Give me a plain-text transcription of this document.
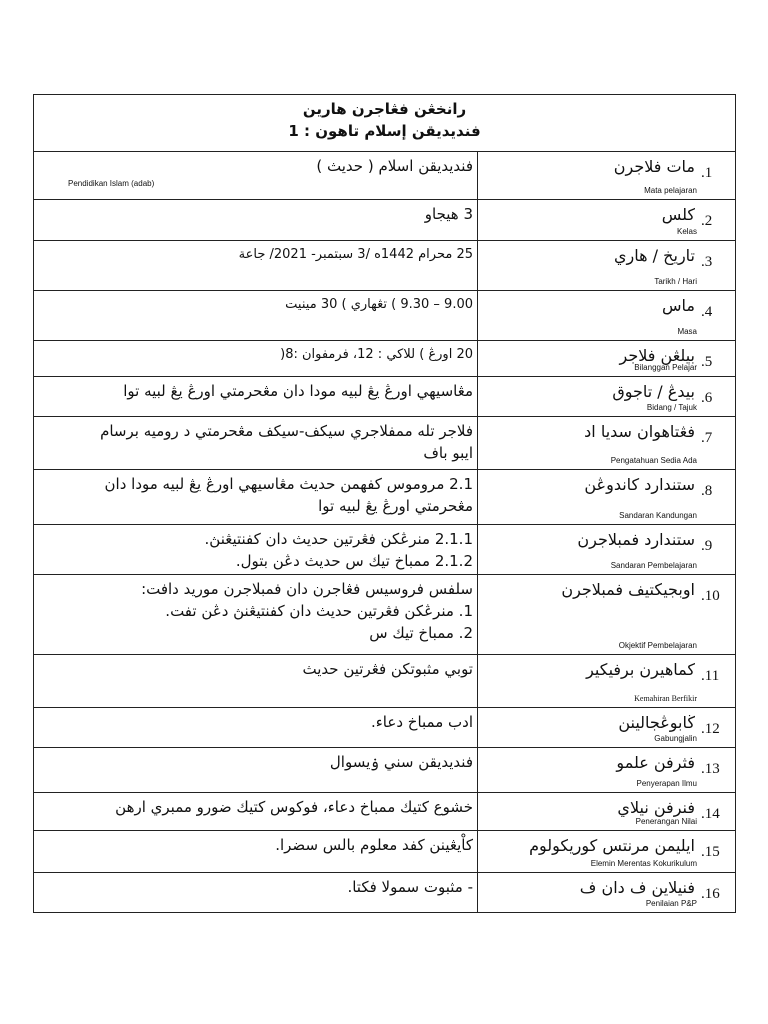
رانخڠن فڠاجرن هارين
فنديديقن إسلام تاهون : 1	

فنديديقن اسلام ( حديث )
Pendidikan Islam (adab)	مات فلاجرن .1
Mata pelajaran

3 هيجاو	كلس .2
Kelas

25 محرام 1442ه /3 سبتمبر- 2021/ جاعة	تاريخ / هاري .3
Tarikh / Hari

9.00 – 9.30 ) تڠهاري ) 30 مينيت	ماس .4
Masa

20 اورڠ ) للاكي : 12، فرمفوان :8(	بيلڠن فلاجر .5
Bilanggan Pelajar

مڠاسيهي اورڠ يڠ لبيه مودا دان مڠحرمتي اورڠ يڠ لبيه توا	بيدڠ / تاجوق .6
Bidang / Tajuk

فلاجر تله ممفلاجري سيكف-سيكف مڠحرمتي د روميه برسام
ايبو باف	فڠتاهوان سديا اد .7
Pengatahuan Sedia Ada

2.1 مروموس كفهمن حديث مڠاسيهي اورڠ يڠ لبيه مودا دان
مڠحرمتي اورڠ يڠ لبيه توا	ستندارد كاندوڠن .8
Sandaran Kandungan

2.1.1 منرڠكن فڠرتين حديث دان كفنتيڠنڽ.
2.1.2 ممباخ تيك س حديث دڠن بتول.	ستندارد فمبلاجرن .9
Sandaran Pembelajaran

سلفس فروسيس فڠاجرن دان فمبلاجرن موريد دافت:
1. منرڠكن فڠرتين حديث دان كفنتيڠنڽ دڠن تفت.
2. ممباخ تيك س	اوبجيكتيف فمبلاجرن .10
Okjektif Pembelajaran

توبي مثبوتكن فڠرتين حديث	كماهيرن برفيكير .11
Kemahiran Berfikir

ادب ممباخ دعاء.	ڬابوڠجالينن .12
Gabungjalin

فنديديقن سني ۏيسوال	فثرفن علمو .13
Penyerapan Ilmu

خشوع كتيك ممباخ دعاء، فوكوس كتيك ضورو ممبري ارهن	فنرفن نيلاي .14
Penerangan Nilai

كاْيڠينن كفد معلوم بالس سضرا.	ايليمن مرنتس كوريكولوم .15
Elemin Merentas Kokurikulum

- مثبوت سمولا فكتا.	فنيلاين ف دان ف .16
Penilaian P&P
